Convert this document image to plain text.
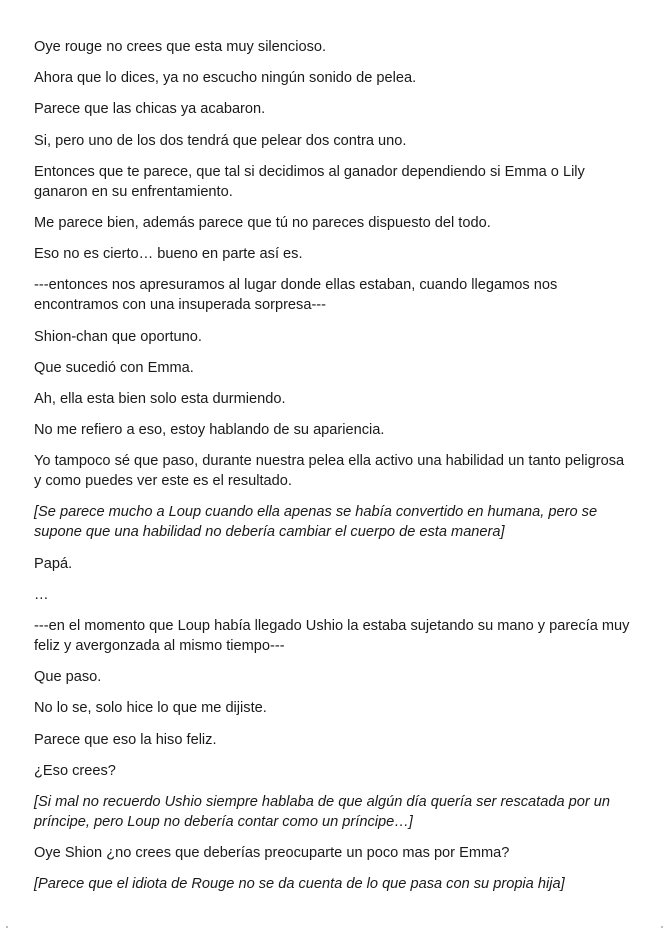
Oye rouge no crees que esta muy silencioso.

Ahora que lo dices, ya no escucho ningún sonido de pelea.

Parece que las chicas ya acabaron.

Si, pero uno de los dos tendrá que pelear dos contra uno.

Entonces que te parece, que tal si decidimos al ganador dependiendo si Emma o Lily ganaron en su enfrentamiento.

Me parece bien, además parece que tú no pareces dispuesto del todo.

Eso no es cierto… bueno en parte así es.

---entonces nos apresuramos al lugar donde ellas estaban, cuando llegamos nos encontramos con una insuperada sorpresa---

Shion-chan que oportuno.

Que sucedió con Emma.

Ah, ella esta bien solo esta durmiendo.

No me refiero a eso, estoy hablando de su apariencia.

Yo tampoco sé que paso, durante nuestra pelea ella activo una habilidad un tanto peligrosa y como puedes ver este es el resultado.

[Se parece mucho a Loup cuando ella apenas se había convertido en humana, pero se supone que una habilidad no debería cambiar el cuerpo de esta manera]

Papá.

…

---en el momento que Loup había llegado Ushio la estaba sujetando su mano y parecía muy feliz y avergonzada al mismo tiempo---

Que paso.

No lo se, solo hice lo que me dijiste.

Parece que eso la hiso feliz.

¿Eso crees?

[Si mal no recuerdo Ushio siempre hablaba de que algún día quería ser rescatada por un príncipe, pero Loup no debería contar como un príncipe…]

Oye Shion ¿no crees que deberías preocuparte un poco mas por Emma?

[Parece que el idiota de Rouge no se da cuenta de lo que pasa con su propia hija]
